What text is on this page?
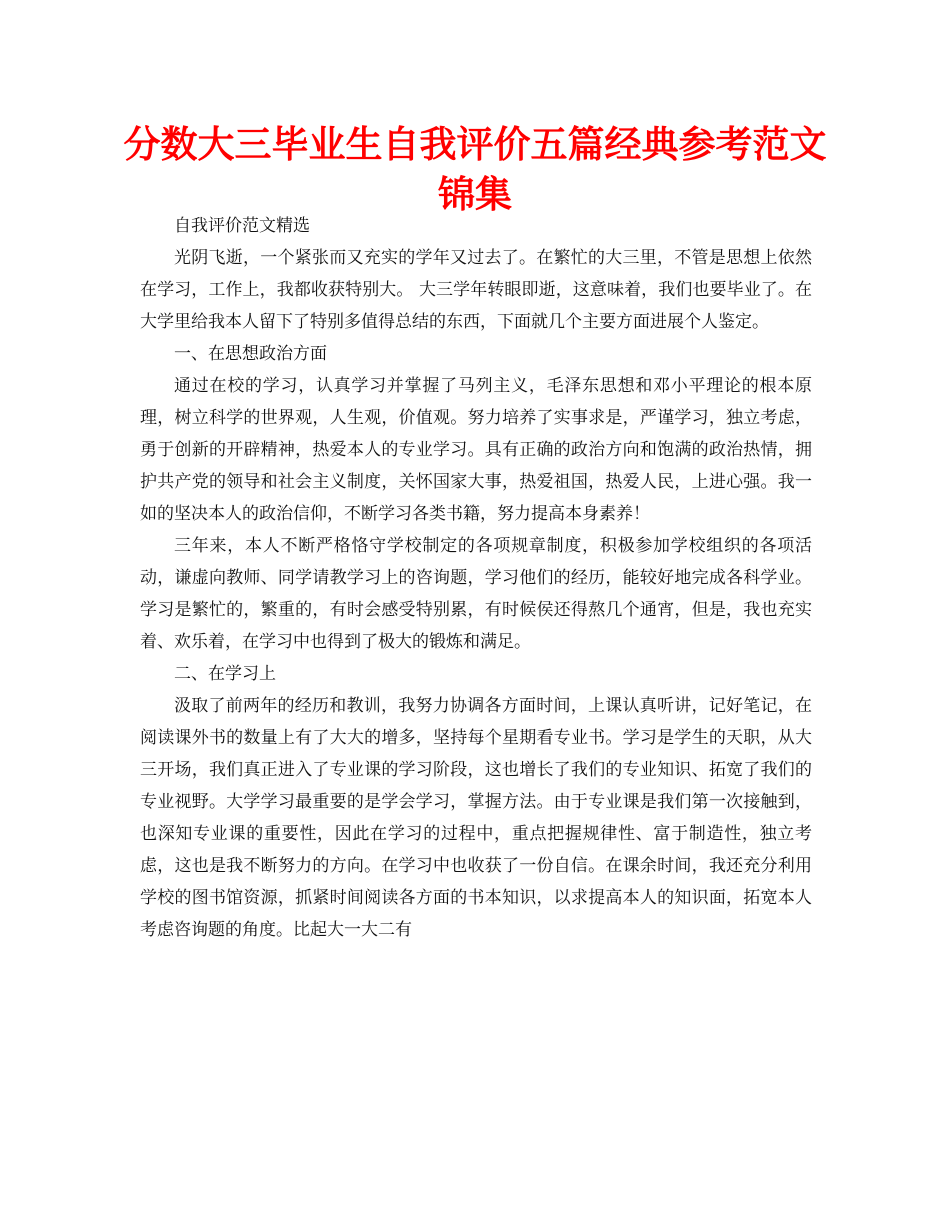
分数大三毕业生自我评价五篇经典参考范文锦集

自我评价范文精选

光阴飞逝，一个紧张而又充实的学年又过去了。在繁忙的大三里，不管是思想上依然在学习，工作上，我都收获特别大。 大三学年转眼即逝，这意味着，我们也要毕业了。在大学里给我本人留下了特别多值得总结的东西，下面就几个主要方面进展个人鉴定。

一、在思想政治方面

通过在校的学习，认真学习并掌握了马列主义，毛泽东思想和邓小平理论的根本原理，树立科学的世界观，人生观，价值观。努力培养了实事求是，严谨学习，独立考虑，勇于创新的开辟精神，热爱本人的专业学习。具有正确的政治方向和饱满的政治热情，拥护共产党的领导和社会主义制度，关怀国家大事，热爱祖国，热爱人民，上进心强。我一如的坚决本人的政治信仰，不断学习各类书籍，努力提高本身素养！

三年来，本人不断严格恪守学校制定的各项规章制度，积极参加学校组织的各项活动，谦虚向教师、同学请教学习上的咨询题，学习他们的经历，能较好地完成各科学业。学习是繁忙的，繁重的，有时会感受特别累，有时候侯还得熬几个通宵，但是，我也充实着、欢乐着，在学习中也得到了极大的锻炼和满足。

二、在学习上

汲取了前两年的经历和教训，我努力协调各方面时间，上课认真听讲，记好笔记，在阅读课外书的数量上有了大大的增多，坚持每个星期看专业书。学习是学生的天职，从大三开场，我们真正进入了专业课的学习阶段，这也增长了我们的专业知识、拓宽了我们的专业视野。大学学习最重要的是学会学习，掌握方法。由于专业课是我们第一次接触到，也深知专业课的重要性，因此在学习的过程中，重点把握规律性、富于制造性，独立考虑，这也是我不断努力的方向。在学习中也收获了一份自信。在课余时间，我还充分利用学校的图书馆资源，抓紧时间阅读各方面的书本知识，以求提高本人的知识面，拓宽本人考虑咨询题的角度。比起大一大二有
